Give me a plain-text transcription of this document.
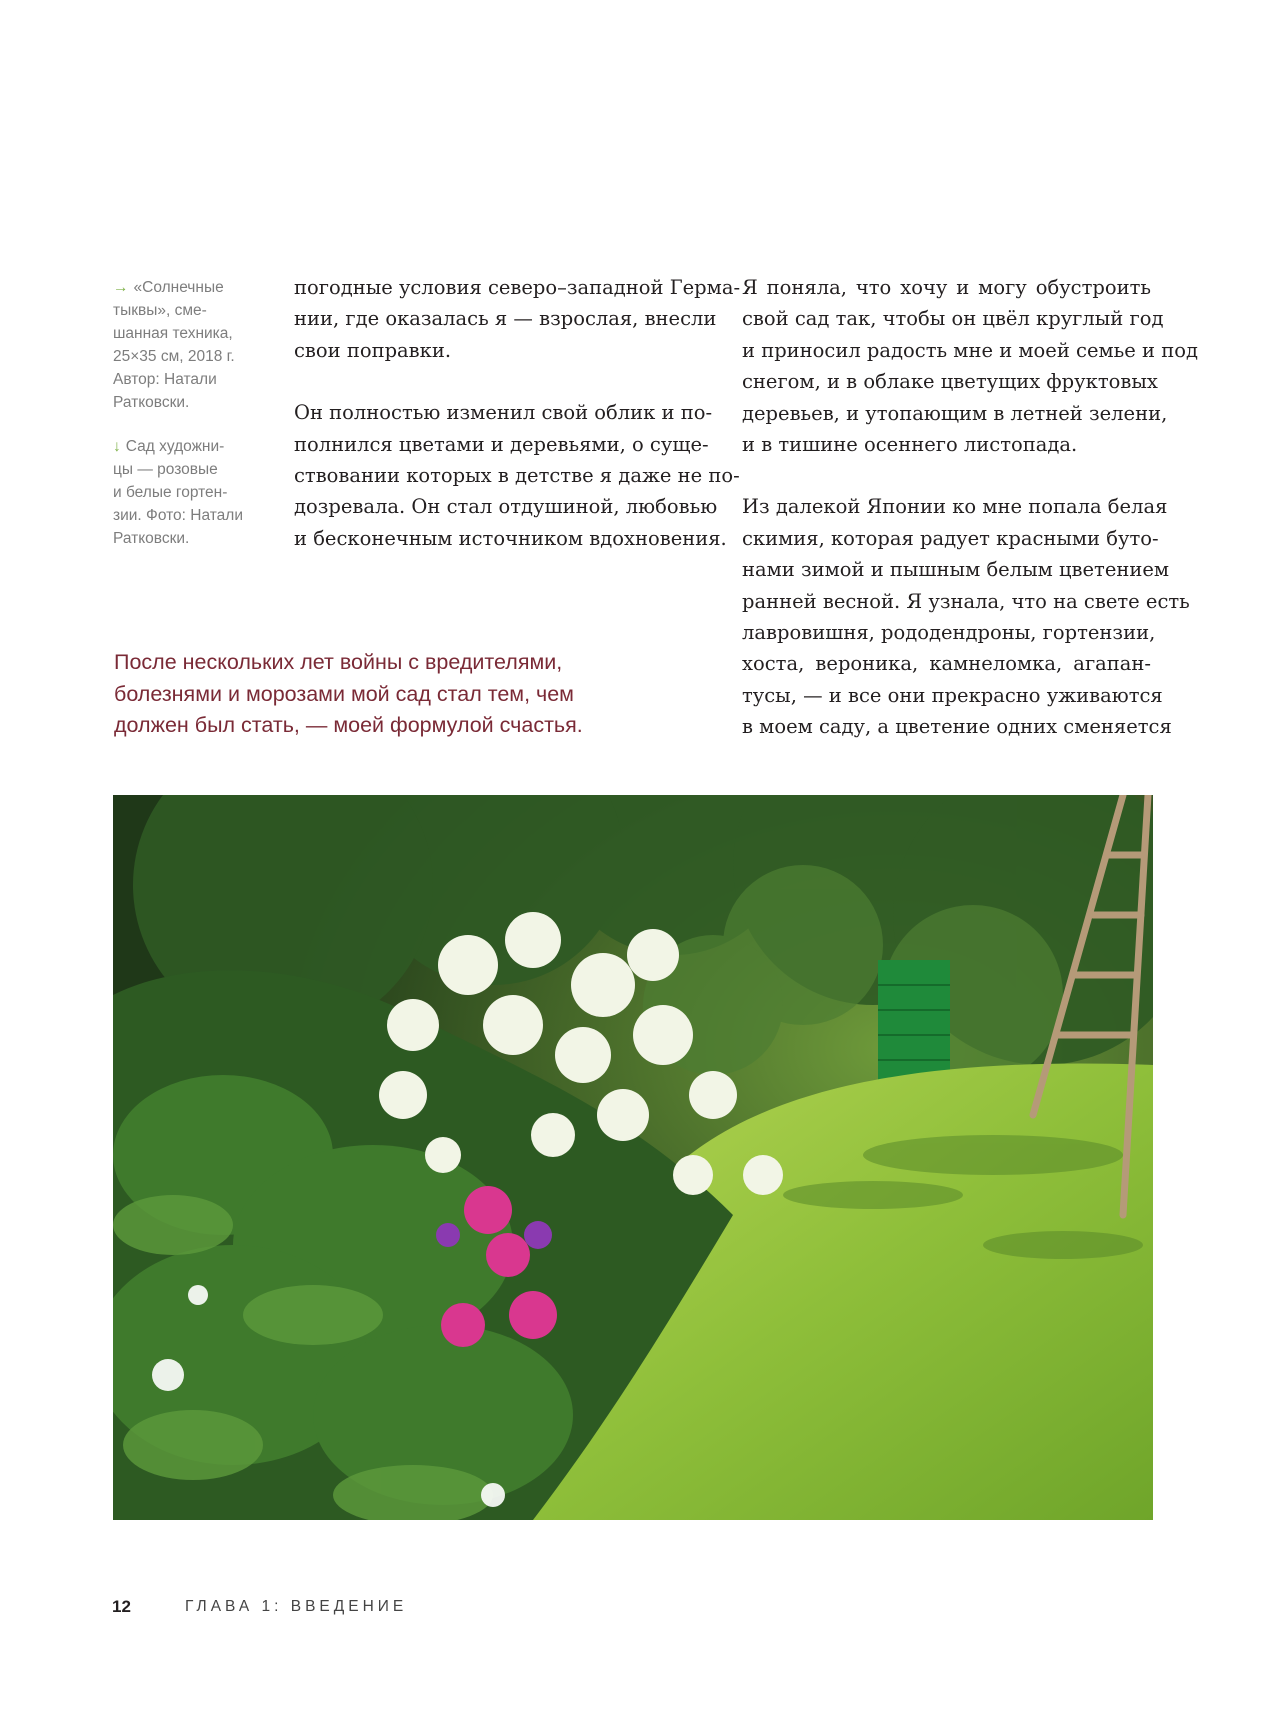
→ «Солнечные
тыквы», сме-
шанная техника,
25×35 см, 2018 г.
Автор: Натали
Ратковски.
↓ Сад художни-
цы — розовые
и белые гортен-
зии. Фото: Натали
Ратковски.
погодные условия северо–западной Герма-
нии, где оказалась я — взрослая, внесли
свои поправки.
Он полностью изменил свой облик и по-
полнился цветами и деревьями, о суще-
ствовании которых в детстве я даже не по-
дозревала. Он стал отдушиной, любовью
и бесконечным источником вдохновения.
Я поняла, что хочу и могу обустроить
свой сад так, чтобы он цвёл круглый год
и приносил радость мне и моей семье и под
снегом, и в облаке цветущих фруктовых
деревьев, и утопающим в летней зелени,
и в тишине осеннего листопада.
Из далекой Японии ко мне попала белая
скимия, которая радует красными буто-
нами зимой и пышным белым цветением
ранней весной. Я узнала, что на свете есть
лавровишня, рододендроны, гортензии,
хоста, вероника, камнеломка, агапан-
тусы, — и все они прекрасно уживаются
в моем саду, а цветение одних сменяется
После нескольких лет войны с вредителями,
болезнями и морозами мой сад стал тем, чем
должен был стать, — моей формулой счастья.
12	ГЛАВА 1: ВВЕДЕНИЕ
